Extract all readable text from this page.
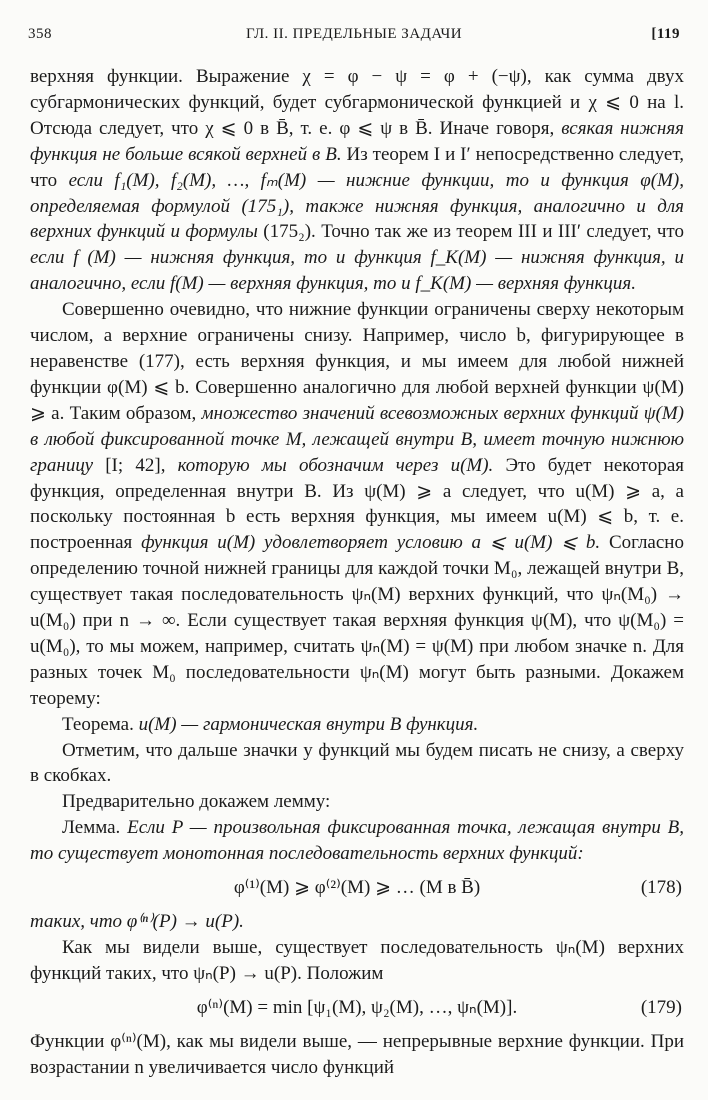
358	ГЛ. II. ПРЕДЕЛЬНЫЕ ЗАДАЧИ	[119

верхняя функции. Выражение χ = φ − ψ = φ + (−ψ), как сумма двух субгармонических функций, будет субгармонической функцией и χ ⩽ 0 на l. Отсюда следует, что χ ⩽ 0 в B̄, т. е. φ ⩽ ψ в B̄. Иначе говоря, всякая нижняя функция не больше всякой верхней в B. Из теорем I и I′ непосредственно следует, что если f₁(M), f₂(M), …, fₘ(M) — нижние функции, то и функция φ(M), определяемая формулой (175₁), также нижняя функция, аналогично и для верхних функций и формулы (175₂). Точно так же из теорем III и III′ следует, что если f (M) — нижняя функция, то и функция f_K(M) — нижняя функция, и аналогично, если f(M) — верхняя функция, то и f_K(M) — верхняя функция.

Совершенно очевидно, что нижние функции ограничены сверху некоторым числом, а верхние ограничены снизу. Например, число b, фигурирующее в неравенстве (177), есть верхняя функция, и мы имеем для любой нижней функции φ(M) ⩽ b. Совершенно аналогично для любой верхней функции ψ(M) ⩾ a. Таким образом, множество значений всевозможных верхних функций ψ(M) в любой фиксированной точке M, лежащей внутри B, имеет точную нижнюю границу [I; 42], которую мы обозначим через u(M). Это будет некоторая функция, определенная внутри B. Из ψ(M) ⩾ a следует, что u(M) ⩾ a, а поскольку постоянная b есть верхняя функция, мы имеем u(M) ⩽ b, т. е. построенная функция u(M) удовлетворяет условию a ⩽ u(M) ⩽ b. Согласно определению точной нижней границы для каждой точки M₀, лежащей внутри B, существует такая последовательность ψₙ(M) верхних функций, что ψₙ(M₀) → u(M₀) при n → ∞. Если существует такая верхняя функция ψ(M), что ψ(M₀) = u(M₀), то мы можем, например, считать ψₙ(M) = ψ(M) при любом значке n. Для разных точек M₀ последовательности ψₙ(M) могут быть разными. Докажем теорему:

Теорема. u(M) — гармоническая внутри B функция.

Отметим, что дальше значки у функций мы будем писать не снизу, а сверху в скобках.

Предварительно докажем лемму:

Лемма. Если P — произвольная фиксированная точка, лежащая внутри B, то существует монотонная последовательность верхних функций:

φ⁽¹⁾(M) ⩾ φ⁽²⁾(M) ⩾ … (M в B̄)	(178)

таких, что φ⁽ⁿ⁾(P) → u(P).

Как мы видели выше, существует последовательность ψₙ(M) верхних функций таких, что ψₙ(P) → u(P). Положим

φ⁽ⁿ⁾(M) = min [ψ₁(M), ψ₂(M), …, ψₙ(M)].	(179)

Функции φ⁽ⁿ⁾(M), как мы видели выше, — непрерывные верхние функции. При возрастании n увеличивается число функций
